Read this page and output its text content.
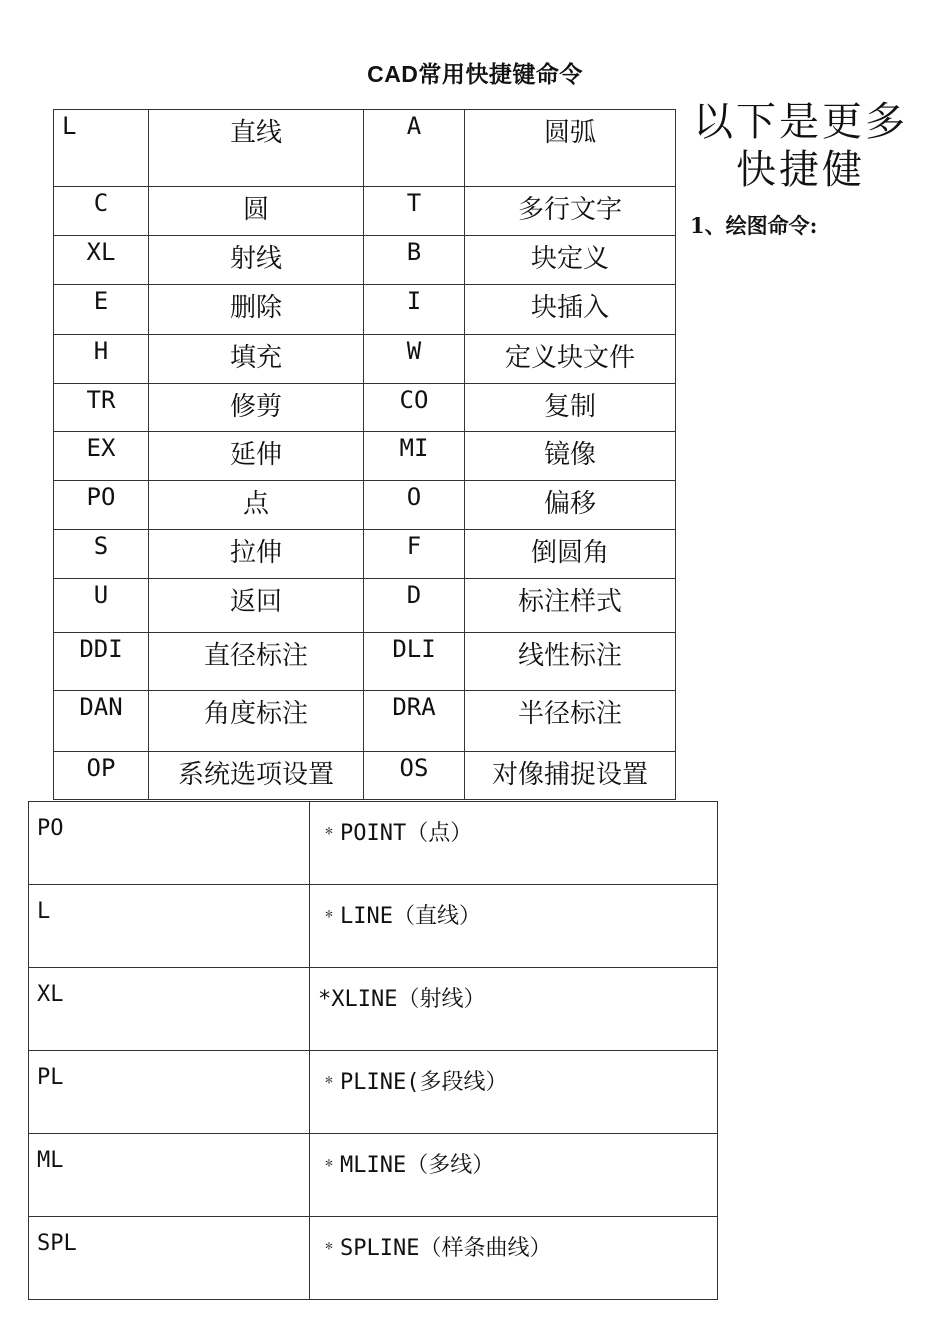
CAD常用快捷键命令
L	直线	A	圆弧
C	圆	T	多行文字
XL	射线	B	块定义
E	删除	I	块插入
H	填充	W	定义块文件
TR	修剪	CO	复制
EX	延伸	MI	镜像
PO	点	O	偏移
S	拉伸	F	倒圆角
U	返回	D	标注样式
DDI	直径标注	DLI	线性标注
DAN	角度标注	DRA	半径标注
OP	系统选项设置	OS	对像捕捉设置
以下是更多快捷健
1、绘图命令:
PO	﹡POINT（点）
L	﹡LINE（直线）
XL	*XLINE（射线）
PL	﹡PLINE(多段线）
ML	﹡MLINE（多线）
SPL	﹡SPLINE（样条曲线）
